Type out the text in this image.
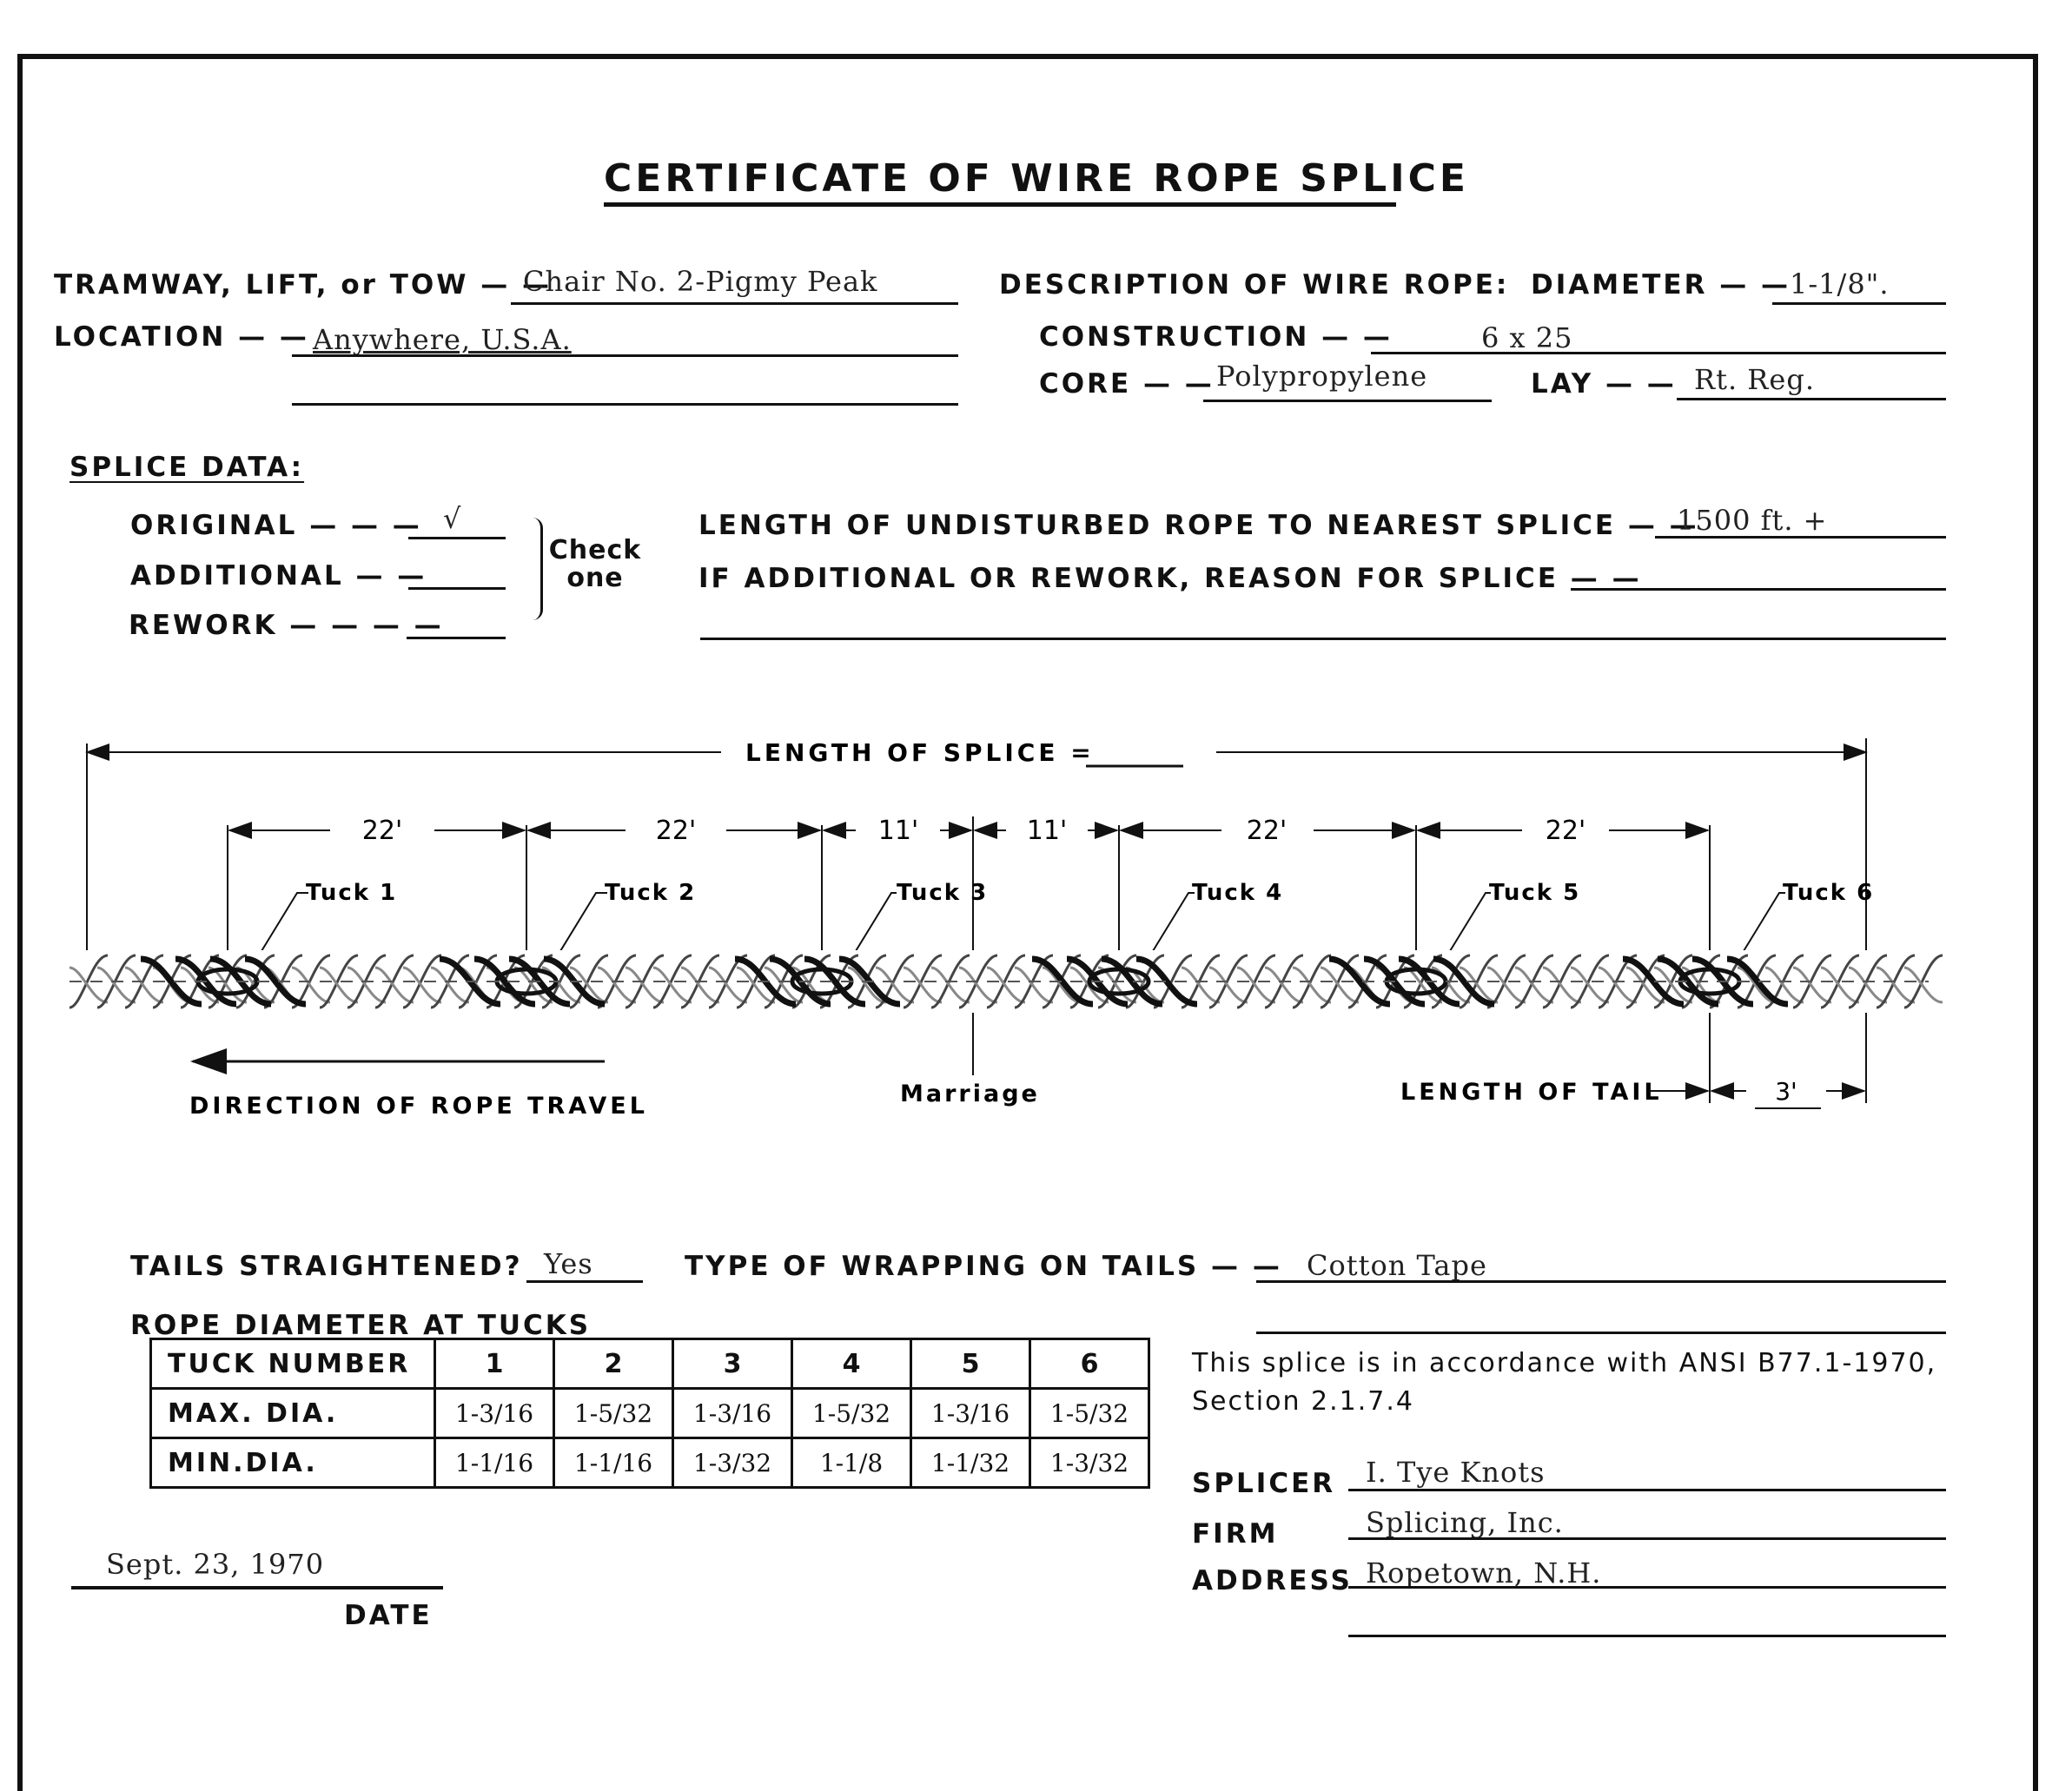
CERTIFICATE OF WIRE ROPE SPLICE
TRAMWAY, LIFT, or TOW — —
Chair No. 2-Pigmy Peak
LOCATION — — Anywhere, U.S.A.
DESCRIPTION OF WIRE ROPE: DIAMETER — —
1-1/8".
CONSTRUCTION — —	6 x 25
CORE — — Polypropylene	LAY — — Rt. Reg.
SPLICE DATA:
ORIGINAL — — — √
ADDITIONAL — —
REWORK — — — —
Check one
LENGTH OF UNDISTURBED ROPE TO NEAREST SPLICE — —
1500 ft. +
IF ADDITIONAL OR REWORK, REASON FOR SPLICE — —
LENGTH OF SPLICE =
22'	22'	11'	11'	22'	22'
Tuck 1	Tuck 2	Tuck 3	Tuck 4	Tuck 5	Tuck 6
DIRECTION OF ROPE TRAVEL	Marriage	LENGTH OF TAIL	3'
TAILS STRAIGHTENED? Yes	TYPE OF WRAPPING ON TAILS — — Cotton Tape
ROPE DIAMETER AT TUCKS
TUCK NUMBER	1	2	3	4	5	6
MAX. DIA.	1-3/16	1-5/32	1-3/16	1-5/32	1-3/16	1-5/32
MIN.DIA.	1-1/16	1-1/16	1-3/32	1-1/8	1-1/32	1-3/32
This splice is in accordance with ANSI B77.1-1970,
Section 2.1.7.4
SPLICER I. Tye Knots
FIRM	Splicing, Inc.
ADDRESS Ropetown, N.H.
Sept. 23, 1970
DATE
